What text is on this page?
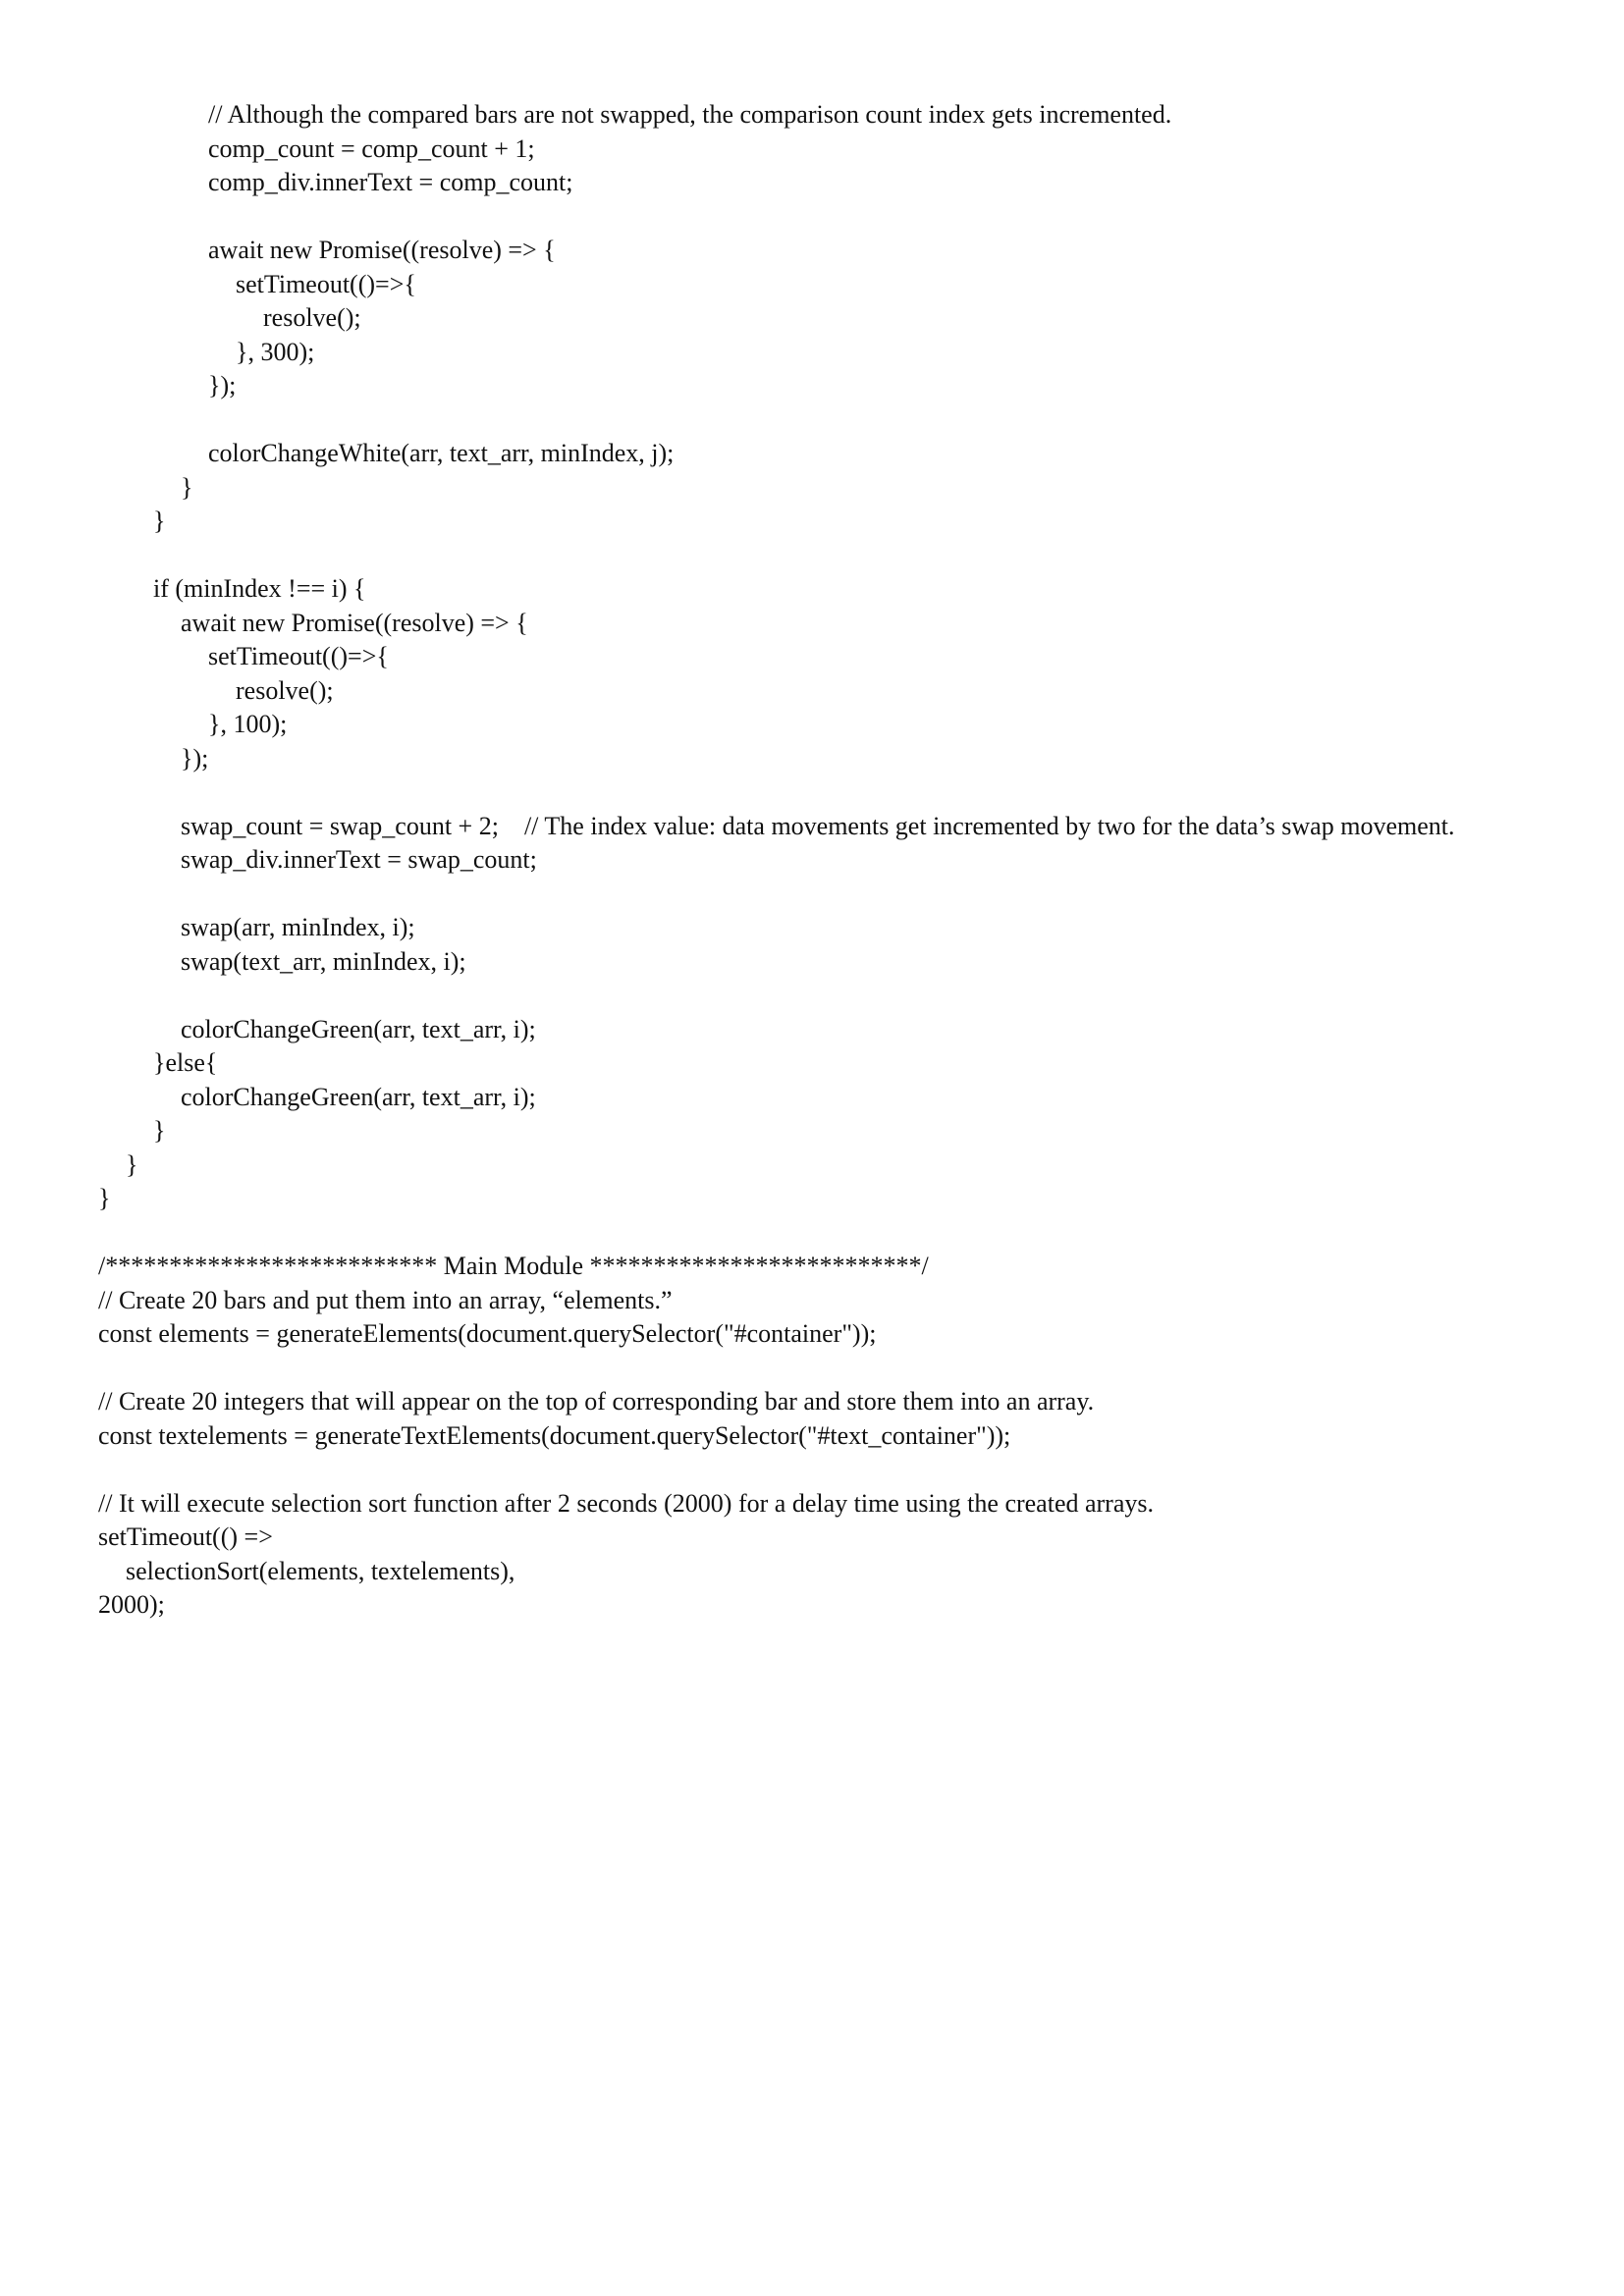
// Although the compared bars are not swapped, the comparison count index gets incremented.
comp_count = comp_count + 1;
comp_div.innerText = comp_count;
await new Promise((resolve) => {
setTimeout(()=>{
resolve();
}, 300);
});
colorChangeWhite(arr, text_arr, minIndex, j);
}
}
if (minIndex !== i) {
await new Promise((resolve) => {
setTimeout(()=>{
resolve();
}, 100);
});
swap_count = swap_count + 2;    // The index value: data movements get incremented by two for the data’s swap movement.
swap_div.innerText = swap_count;
swap(arr, minIndex, i);
swap(text_arr, minIndex, i);
colorChangeGreen(arr, text_arr, i);
}else{
colorChangeGreen(arr, text_arr, i);
}
}
}
/************************** Main Module **************************/
// Create 20 bars and put them into an array, “elements.”
const elements = generateElements(document.querySelector("#container"));
// Create 20 integers that will appear on the top of corresponding bar and store them into an array.
const textelements = generateTextElements(document.querySelector("#text_container"));
// It will execute selection sort function after 2 seconds (2000) for a delay time using the created arrays.
setTimeout(() =>
selectionSort(elements, textelements),
2000);
